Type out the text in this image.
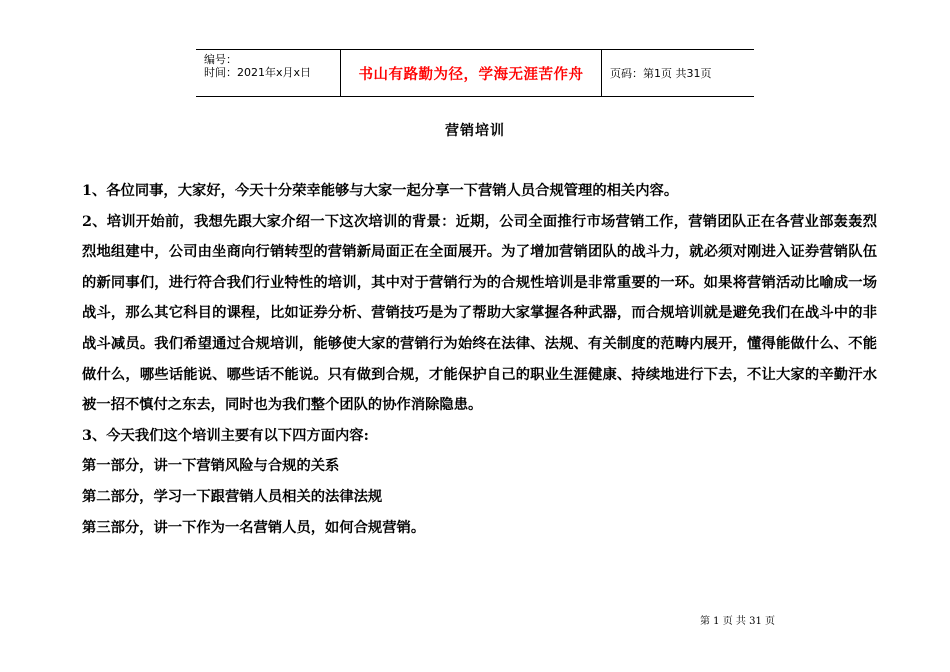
编号：
时间：2021年x月x日	书山有路勤为径，学海无涯苦作舟 页码：第1页 共31页
营销培训

1、各位同事，大家好，今天十分荣幸能够与大家一起分享一下营销人员合规管理的相关内容。

2、培训开始前，我想先跟大家介绍一下这次培训的背景：近期，公司全面推行市场营销工作，营销团队正在各营业部轰轰烈烈地组建中，公司由坐商向行销转型的营销新局面正在全面展开。为了增加营销团队的战斗力，就必须对刚进入证券营销队伍的新同事们，进行符合我们行业特性的培训，其中对于营销行为的合规性培训是非常重要的一环。如果将营销活动比喻成一场战斗，那么其它科目的课程，比如证券分析、营销技巧是为了帮助大家掌握各种武器，而合规培训就是避免我们在战斗中的非战斗减员。我们希望通过合规培训，能够使大家的营销行为始终在法律、法规、有关制度的范畴内展开，懂得能做什么、不能做什么，哪些话能说、哪些话不能说。只有做到合规，才能保护自己的职业生涯健康、持续地进行下去，不让大家的辛勤汗水被一招不慎付之东去，同时也为我们整个团队的协作消除隐患。

3、今天我们这个培训主要有以下四方面内容:

第一部分，讲一下营销风险与合规的关系

第二部分，学习一下跟营销人员相关的法律法规

第三部分，讲一下作为一名营销人员，如何合规营销。

第 1 页 共 31 页
